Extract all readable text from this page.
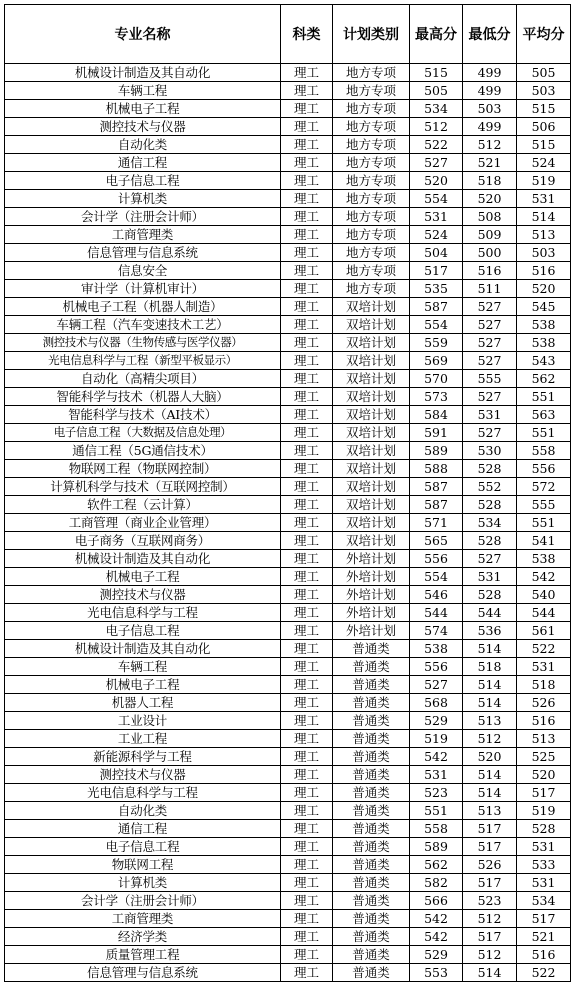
专业名称	科类	计划类别	最高分	最低分	平均分
机械设计制造及其自动化	理工	地方专项	515	499	505
车辆工程	理工	地方专项	505	499	503
机械电子工程	理工	地方专项	534	503	515
测控技术与仪器	理工	地方专项	512	499	506
自动化类	理工	地方专项	522	512	515
通信工程	理工	地方专项	527	521	524
电子信息工程	理工	地方专项	520	518	519
计算机类	理工	地方专项	554	520	531
会计学（注册会计师）	理工	地方专项	531	508	514
工商管理类	理工	地方专项	524	509	513
信息管理与信息系统	理工	地方专项	504	500	503
信息安全	理工	地方专项	517	516	516
审计学（计算机审计）	理工	地方专项	535	511	520
机械电子工程（机器人制造）	理工	双培计划	587	527	545
车辆工程（汽车变速技术工艺）	理工	双培计划	554	527	538
测控技术与仪器（生物传感与医学仪器）	理工	双培计划	559	527	538
光电信息科学与工程（新型平板显示）	理工	双培计划	569	527	543
自动化（高精尖项目）	理工	双培计划	570	555	562
智能科学与技术（机器人大脑）	理工	双培计划	573	527	551
智能科学与技术（AI技术）	理工	双培计划	584	531	563
电子信息工程（大数据及信息处理）	理工	双培计划	591	527	551
通信工程（5G通信技术）	理工	双培计划	589	530	558
物联网工程（物联网控制）	理工	双培计划	588	528	556
计算机科学与技术（互联网控制）	理工	双培计划	587	552	572
软件工程（云计算）	理工	双培计划	587	528	555
工商管理（商业企业管理）	理工	双培计划	571	534	551
电子商务（互联网商务）	理工	双培计划	565	528	541
机械设计制造及其自动化	理工	外培计划	556	527	538
机械电子工程	理工	外培计划	554	531	542
测控技术与仪器	理工	外培计划	546	528	540
光电信息科学与工程	理工	外培计划	544	544	544
电子信息工程	理工	外培计划	574	536	561
机械设计制造及其自动化	理工	普通类	538	514	522
车辆工程	理工	普通类	556	518	531
机械电子工程	理工	普通类	527	514	518
机器人工程	理工	普通类	568	514	526
工业设计	理工	普通类	529	513	516
工业工程	理工	普通类	519	512	513
新能源科学与工程	理工	普通类	542	520	525
测控技术与仪器	理工	普通类	531	514	520
光电信息科学与工程	理工	普通类	523	514	517
自动化类	理工	普通类	551	513	519
通信工程	理工	普通类	558	517	528
电子信息工程	理工	普通类	589	517	531
物联网工程	理工	普通类	562	526	533
计算机类	理工	普通类	582	517	531
会计学（注册会计师）	理工	普通类	566	523	534
工商管理类	理工	普通类	542	512	517
经济学类	理工	普通类	542	517	521
质量管理工程	理工	普通类	529	512	516
信息管理与信息系统	理工	普通类	553	514	522
